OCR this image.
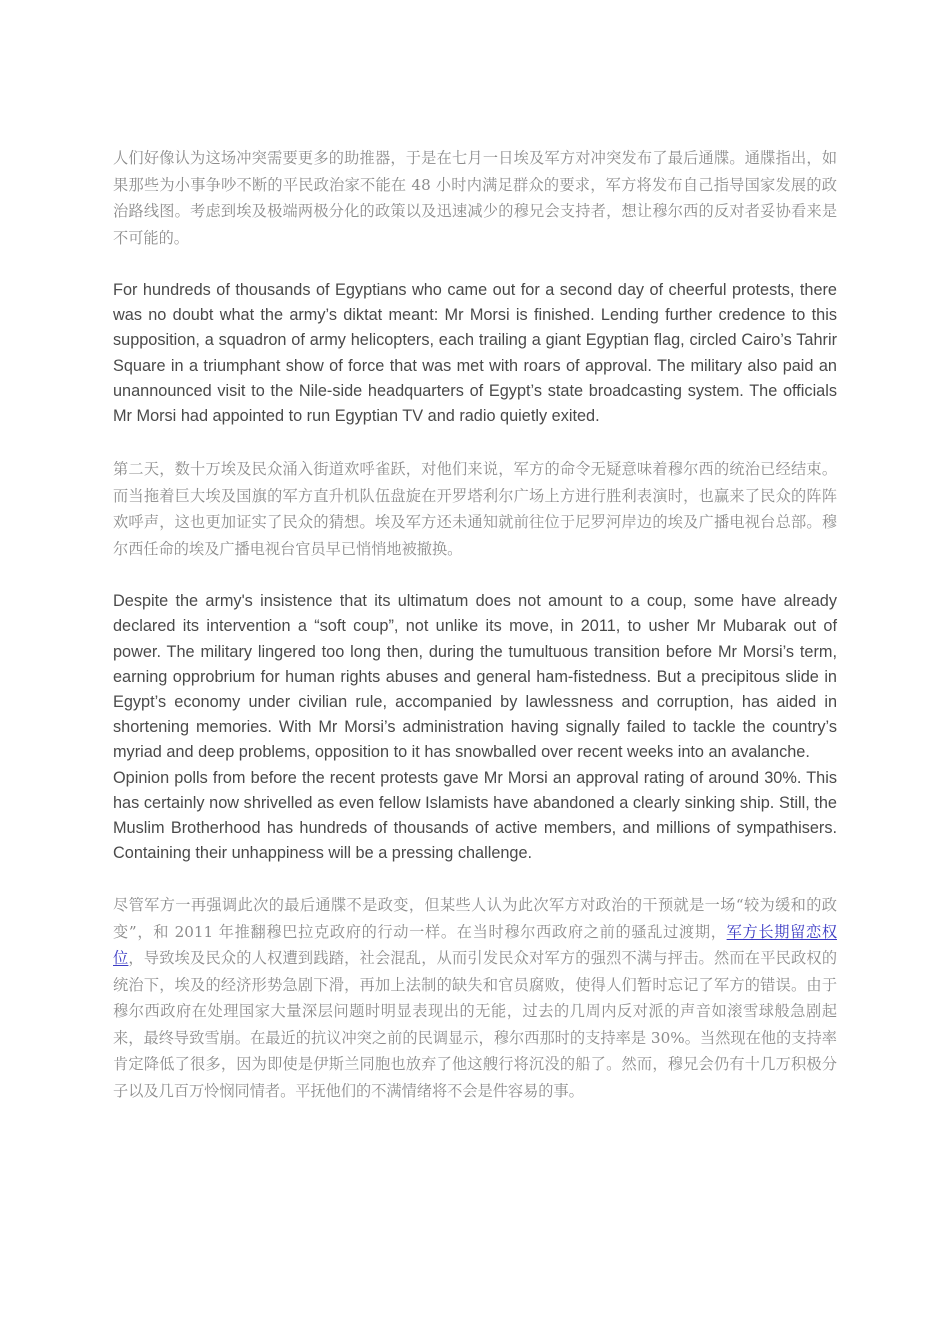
人们好像认为这场冲突需要更多的助推器，于是在七月一日埃及军方对冲突发布了最后通牒。通牒指出，如果那些为小事争吵不断的平民政治家不能在 48 小时内满足群众的要求，军方将发布自己指导国家发展的政治路线图。考虑到埃及极端两极分化的政策以及迅速减少的穆兄会支持者，想让穆尔西的反对者妥协看来是不可能的。

For hundreds of thousands of Egyptians who came out for a second day of cheerful protests, there was no doubt what the army’s diktat meant: Mr Morsi is finished. Lending further credence to this supposition, a squadron of army helicopters, each trailing a giant Egyptian flag, circled Cairo’s Tahrir Square in a triumphant show of force that was met with roars of approval. The military also paid an unannounced visit to the Nile-side headquarters of Egypt’s state broadcasting system. The officials Mr Morsi had appointed to run Egyptian TV and radio quietly exited.

第二天，数十万埃及民众涌入街道欢呼雀跃，对他们来说，军方的命令无疑意味着穆尔西的统治已经结束。而当拖着巨大埃及国旗的军方直升机队伍盘旋在开罗塔利尔广场上方进行胜利表演时，也赢来了民众的阵阵欢呼声，这也更加证实了民众的猜想。埃及军方还未通知就前往位于尼罗河岸边的埃及广播电视台总部。穆尔西任命的埃及广播电视台官员早已悄悄地被撤换。

Despite the army's insistence that its ultimatum does not amount to a coup, some have already declared its intervention a “soft coup”, not unlike its move, in 2011, to usher Mr Mubarak out of power. The military lingered too long then, during the tumultuous transition before Mr Morsi’s term, earning opprobrium for human rights abuses and general ham-fistedness. But a precipitous slide in Egypt’s economy under civilian rule, accompanied by lawlessness and corruption, has aided in shortening memories. With Mr Morsi’s administration having signally failed to tackle the country’s myriad and deep problems, opposition to it has snowballed over recent weeks into an avalanche.

Opinion polls from before the recent protests gave Mr Morsi an approval rating of around 30%. This has certainly now shrivelled as even fellow Islamists have abandoned a clearly sinking ship. Still, the Muslim Brotherhood has hundreds of thousands of active members, and millions of sympathisers. Containing their unhappiness will be a pressing challenge.

尽管军方一再强调此次的最后通牒不是政变，但某些人认为此次军方对政治的干预就是一场“较为缓和的政变”，和 2011 年推翻穆巴拉克政府的行动一样。在当时穆尔西政府之前的骚乱过渡期，军方长期留恋权位，导致埃及民众的人权遭到践踏，社会混乱，从而引发民众对军方的强烈不满与抨击。然而在平民政权的统治下，埃及的经济形势急剧下滑，再加上法制的缺失和官员腐败，使得人们暂时忘记了军方的错误。由于穆尔西政府在处理国家大量深层问题时明显表现出的无能，过去的几周内反对派的声音如滚雪球般急剧起来，最终导致雪崩。在最近的抗议冲突之前的民调显示，穆尔西那时的支持率是 30%。当然现在他的支持率肯定降低了很多，因为即使是伊斯兰同胞也放弃了他这艘行将沉没的船了。然而，穆兄会仍有十几万积极分子以及几百万怜悯同情者。平抚他们的不满情绪将不会是件容易的事。
